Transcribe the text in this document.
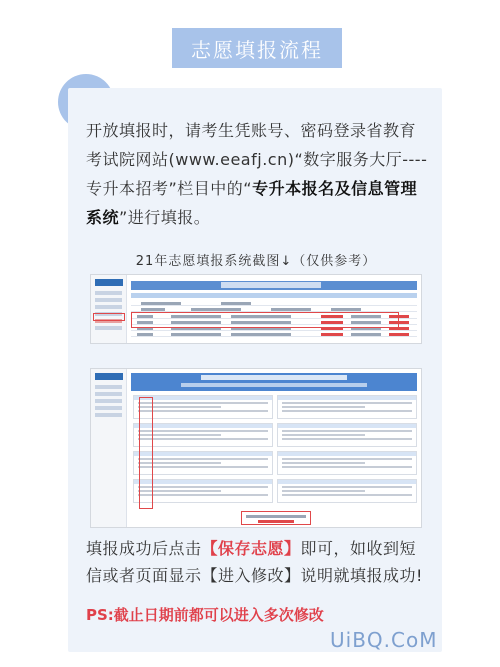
志愿填报流程
开放填报时，请考生凭账号、密码登录省教育考试院网站(www.eeafj.cn)“数字服务大厅----专升本招考”栏目中的“专升本报名及信息管理系统”进行填报。
21年志愿填报系统截图↓（仅供参考）
填报成功后点击【保存志愿】即可，如收到短信或者页面显示【进入修改】说明就填报成功!
PS:截止日期前都可以进入多次修改
UiBQ.CoM
